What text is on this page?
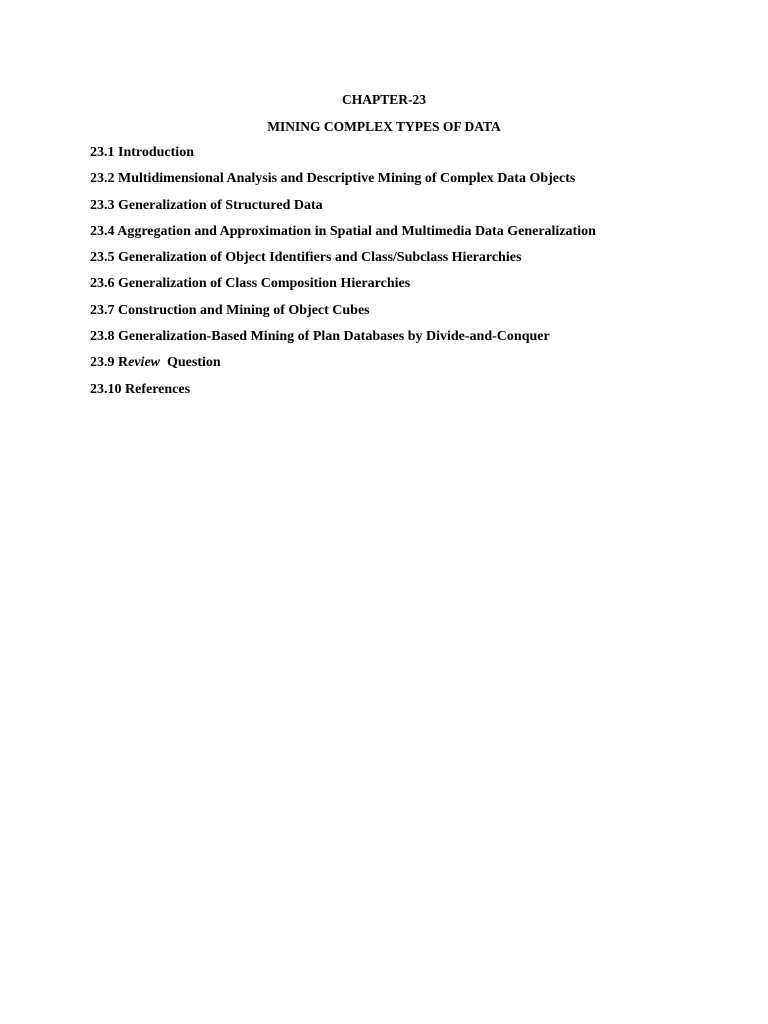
CHAPTER-23
MINING COMPLEX TYPES OF DATA
23.1 Introduction
23.2 Multidimensional Analysis and Descriptive Mining of Complex Data Objects
23.3 Generalization of Structured Data
23.4 Aggregation and Approximation in Spatial and Multimedia Data Generalization
23.5 Generalization of Object Identifiers and Class/Subclass Hierarchies
23.6 Generalization of Class Composition Hierarchies
23.7 Construction and Mining of Object Cubes
23.8 Generalization-Based Mining of Plan Databases by Divide-and-Conquer
23.9 Review  Question
23.10 References
